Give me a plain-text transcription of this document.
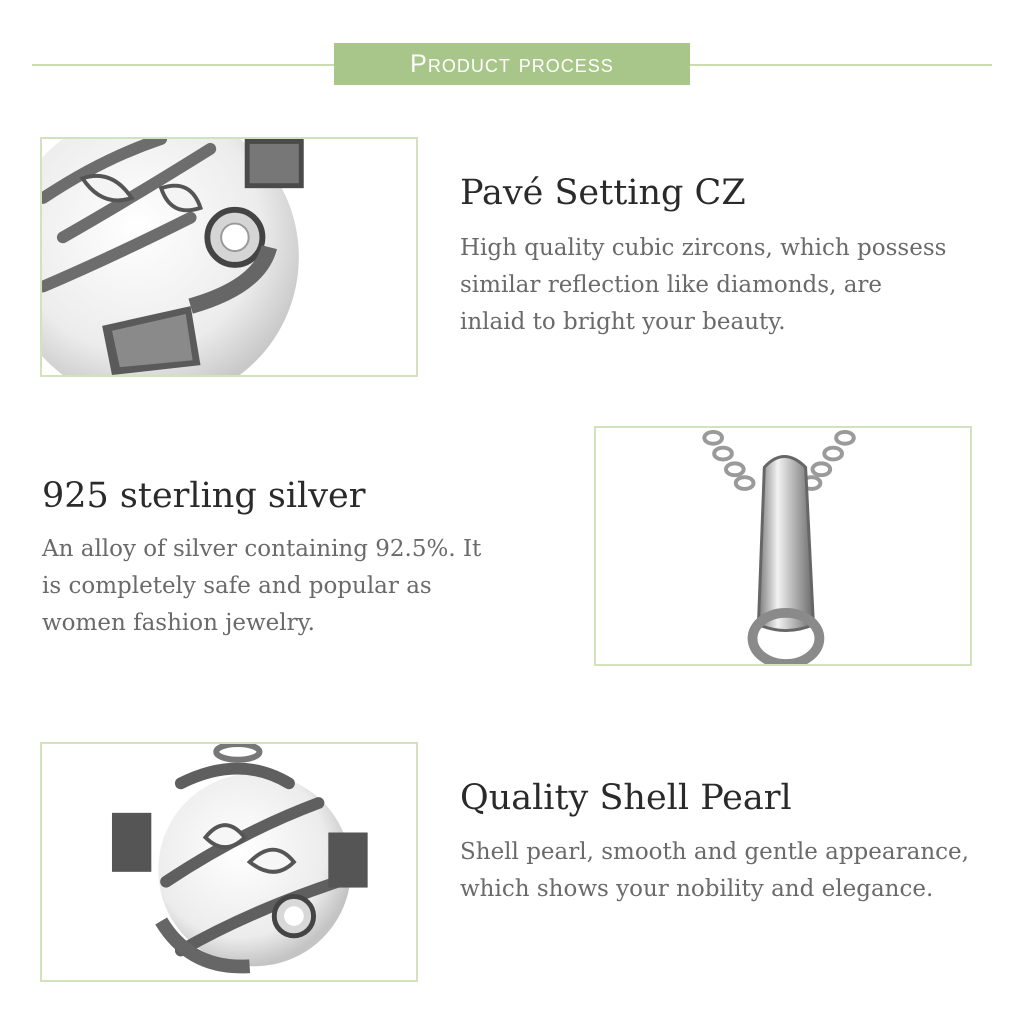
Product process
Pavé Setting CZ

High quality cubic zircons, which possess
similar reflection like diamonds, are
inlaid to bright your beauty.

925 sterling silver

An alloy of silver containing 92.5%. It
is completely safe and popular as
women fashion jewelry.

Quality Shell Pearl

Shell pearl, smooth and gentle appearance,
which shows your nobility and elegance.
